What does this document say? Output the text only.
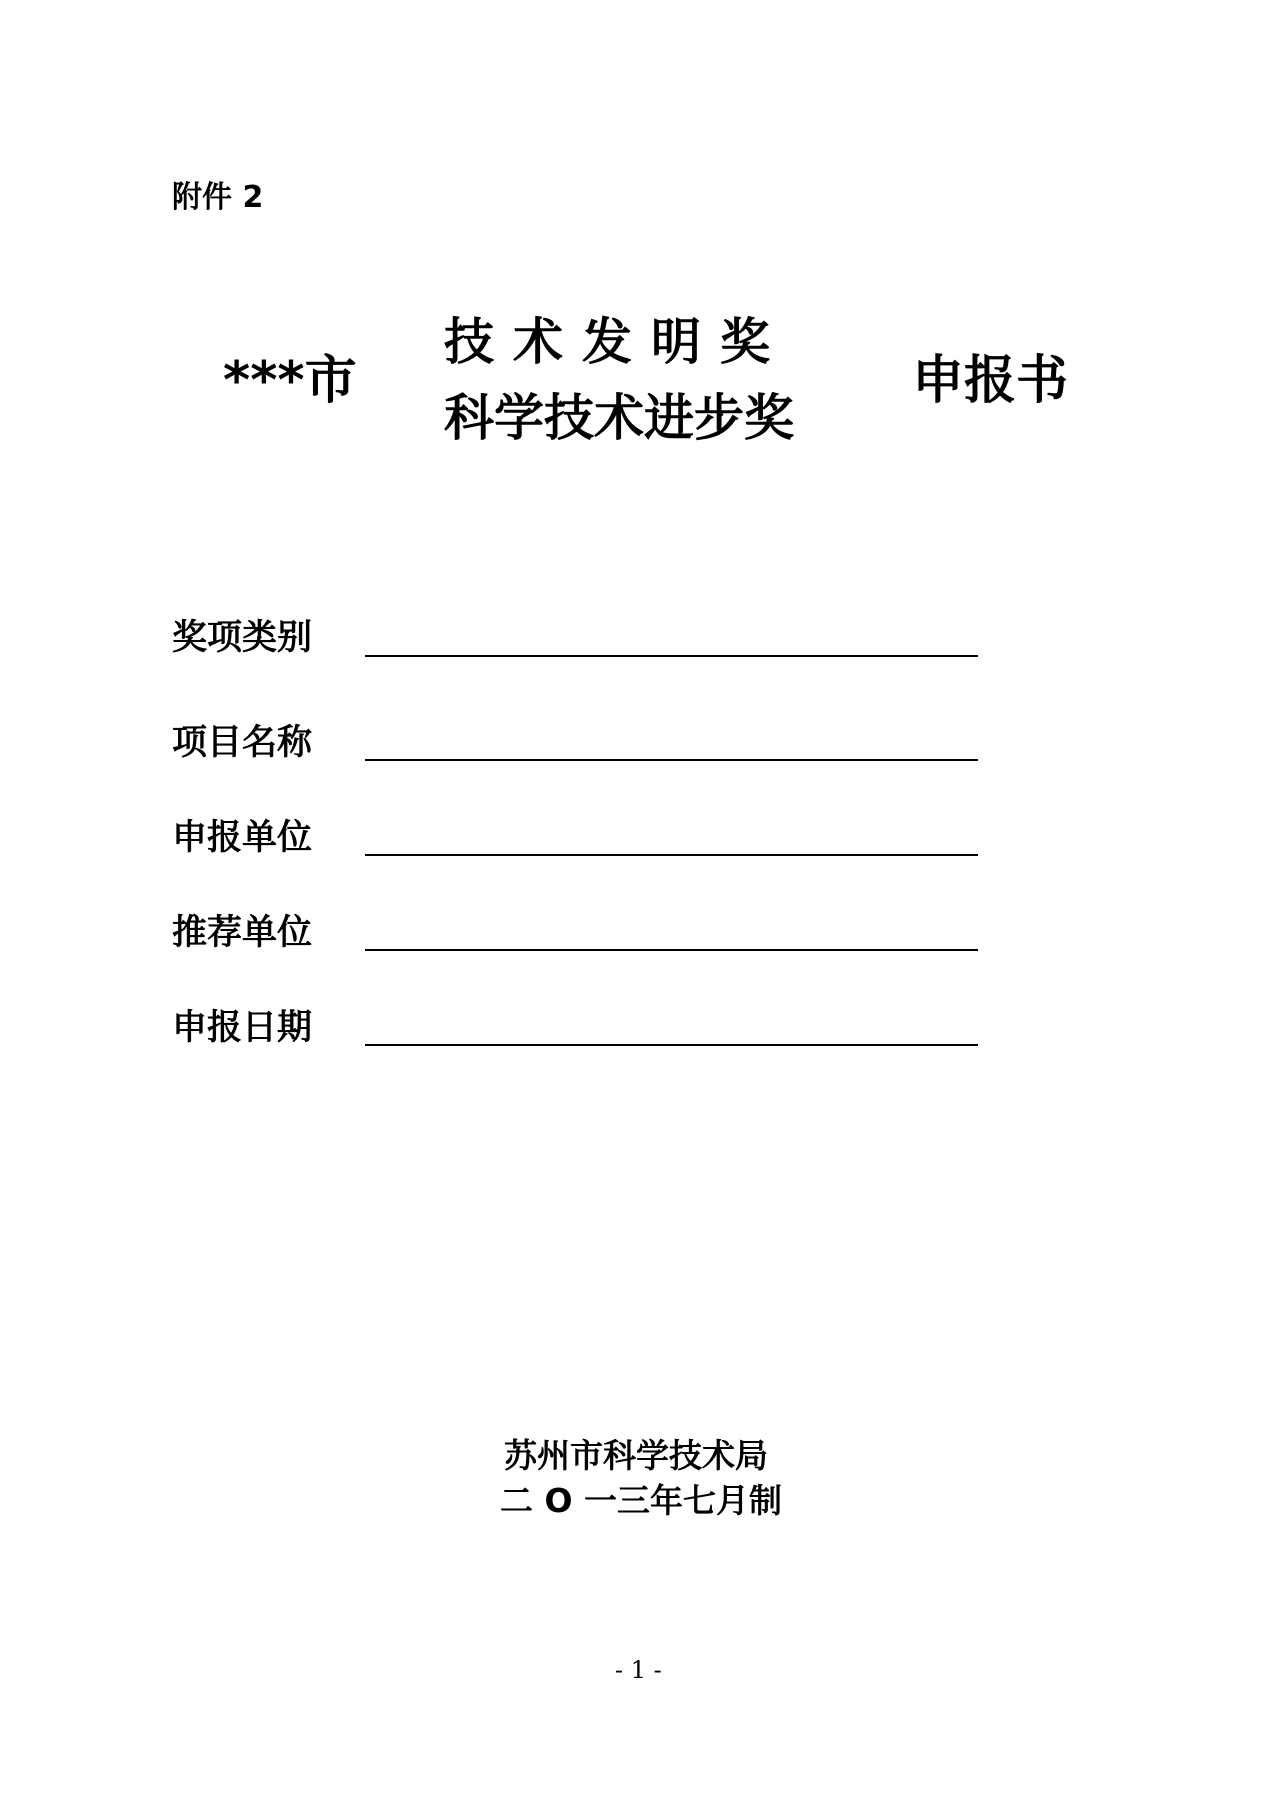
附件 2
***市
技术发明奖
科学技术进步奖
申报书
奖项类别
项目名称
申报单位
推荐单位
申报日期
苏州市科学技术局
二 O 一三年七月制
- 1 -
